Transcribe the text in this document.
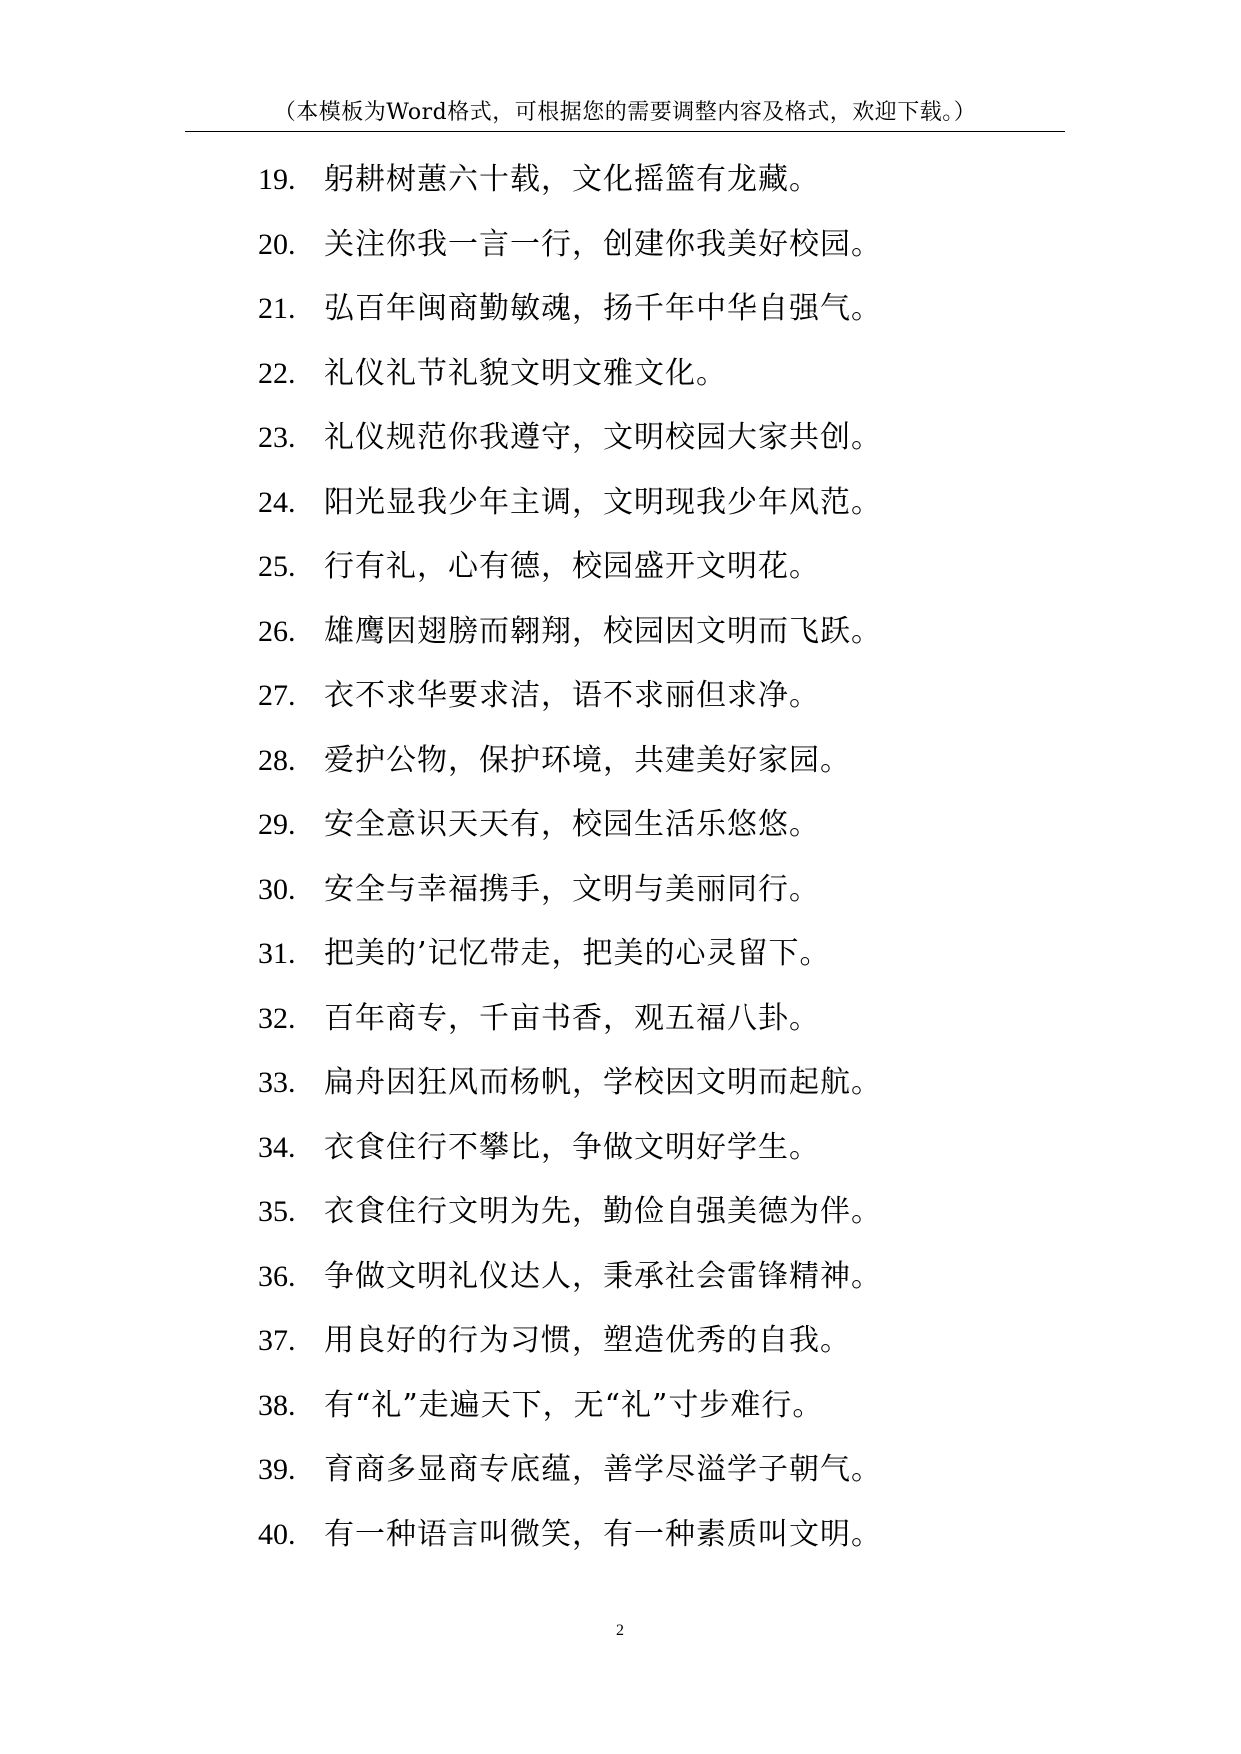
（本模板为Word格式，可根据您的需要调整内容及格式，欢迎下载。）
19. 躬耕树蕙六十载，文化摇篮有龙藏。
20. 关注你我一言一行，创建你我美好校园。
21. 弘百年闽商勤敏魂，扬千年中华自强气。
22. 礼仪礼节礼貌文明文雅文化。
23. 礼仪规范你我遵守，文明校园大家共创。
24. 阳光显我少年主调，文明现我少年风范。
25. 行有礼，心有德，校园盛开文明花。
26. 雄鹰因翅膀而翱翔，校园因文明而飞跃。
27. 衣不求华要求洁，语不求丽但求净。
28. 爱护公物，保护环境，共建美好家园。
29. 安全意识天天有，校园生活乐悠悠。
30. 安全与幸福携手，文明与美丽同行。
31. 把美的’记忆带走，把美的心灵留下。
32. 百年商专，千亩书香，观五福八卦。
33. 扁舟因狂风而杨帆，学校因文明而起航。
34. 衣食住行不攀比，争做文明好学生。
35. 衣食住行文明为先，勤俭自强美德为伴。
36. 争做文明礼仪达人，秉承社会雷锋精神。
37. 用良好的行为习惯，塑造优秀的自我。
38. 有“礼”走遍天下，无“礼”寸步难行。
39. 育商多显商专底蕴，善学尽溢学子朝气。
40. 有一种语言叫微笑，有一种素质叫文明。
2
